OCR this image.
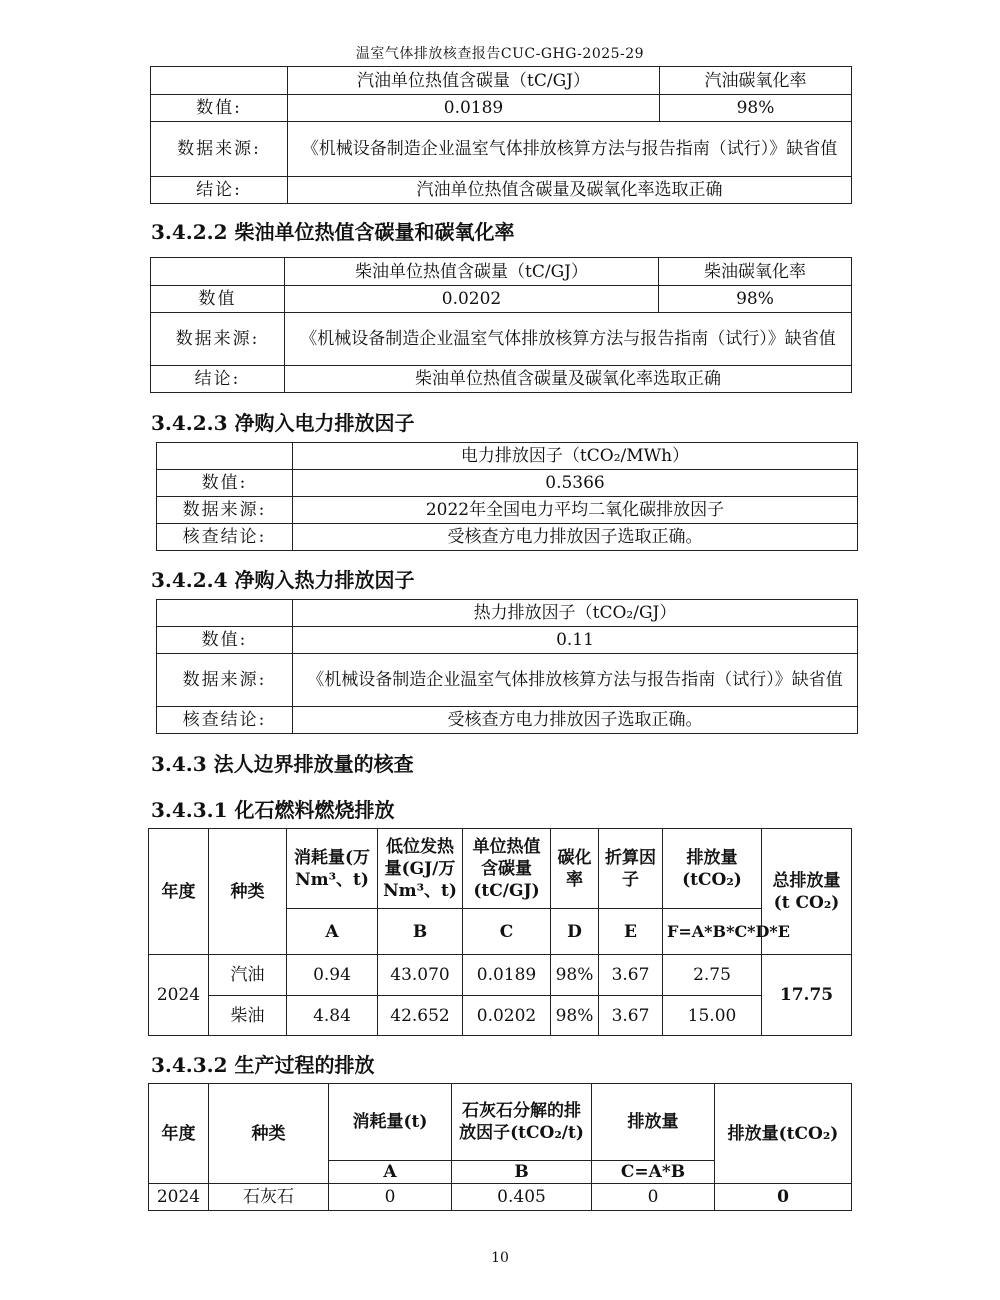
温室气体排放核查报告CUC-GHG-2025-29
	汽油单位热值含碳量（tC/GJ）	汽油碳氧化率
数值:	0.0189	98%
数据来源:	《机械设备制造企业温室气体排放核算方法与报告指南（试行）》缺省值	
结论:	汽油单位热值含碳量及碳氧化率选取正确	
3.4.2.2 柴油单位热值含碳量和碳氧化率
	柴油单位热值含碳量（tC/GJ）	柴油碳氧化率
数值	0.0202	98%
数据来源:	《机械设备制造企业温室气体排放核算方法与报告指南（试行）》缺省值	
结论:	柴油单位热值含碳量及碳氧化率选取正确	
3.4.2.3 净购入电力排放因子
	电力排放因子（tCO₂/MWh）
数值:	0.5366
数据来源:	2022年全国电力平均二氧化碳排放因子
核查结论:	受核查方电力排放因子选取正确。
3.4.2.4 净购入热力排放因子
	热力排放因子（tCO₂/GJ）
数值:	0.11
数据来源:	《机械设备制造企业温室气体排放核算方法与报告指南（试行）》缺省值
核查结论:	受核查方电力排放因子选取正确。
3.4.3 法人边界排放量的核查
3.4.3.1 化石燃料燃烧排放
年度	种类	消耗量(万Nm³、t)	低位发热量(GJ/万Nm³、t)	单位热值含碳量(tC/GJ)	碳化率	折算因子	排放量(tCO₂)	总排放量(t CO₂)
		A	B	C	D	E	F=A*B*C*D*E	
2024	汽油	0.94	43.070	0.0189	98%	3.67	2.75	17.75
	柴油	4.84	42.652	0.0202	98%	3.67	15.00	
3.4.3.2 生产过程的排放
年度	种类	消耗量(t)	石灰石分解的排放因子(tCO₂/t)	排放量	排放量(tCO₂)
		A	B	C=A*B	
2024	石灰石	0	0.405	0	0
10
